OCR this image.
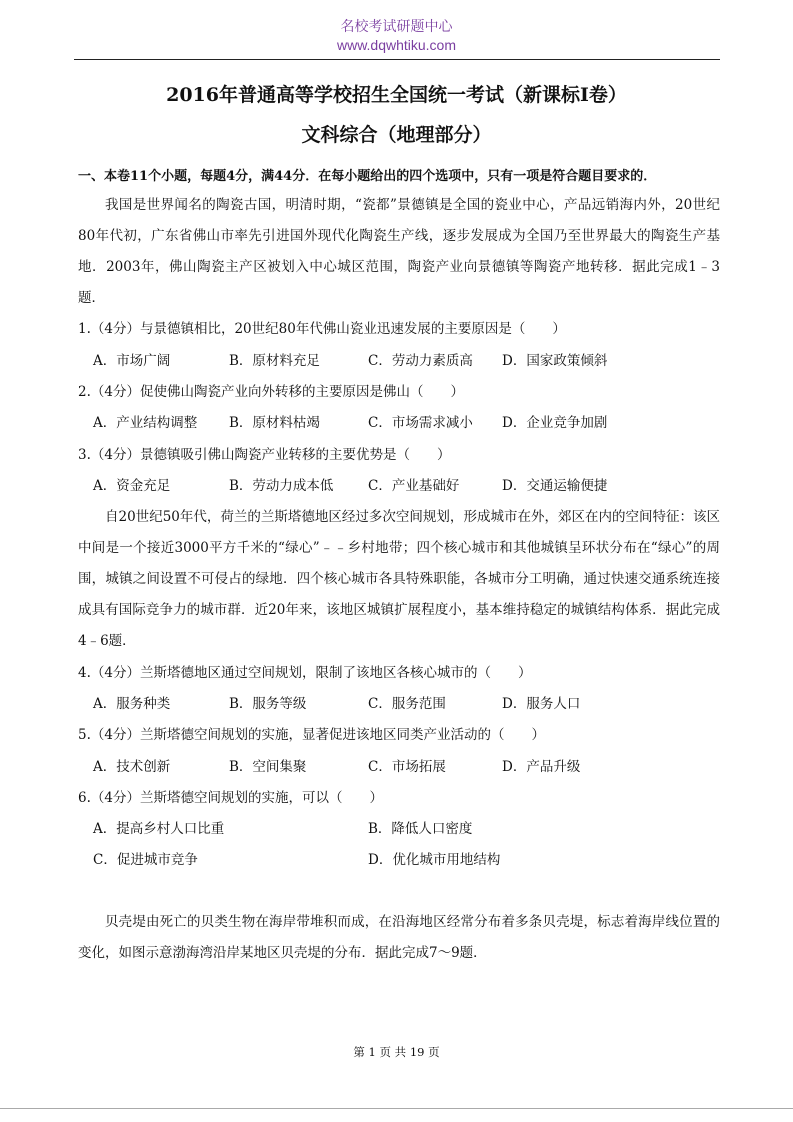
名校考试研题中心
www.dqwhtiku.com
2016年普通高等学校招生全国统一考试（新课标Ⅰ卷）
文科综合（地理部分）
一、本卷11个小题，每题4分，满44分．在每小题给出的四个选项中，只有一项是符合题目要求的．
我国是世界闻名的陶瓷古国，明清时期，“瓷都”景德镇是全国的瓷业中心，产品远销海内外，20世纪80年代初，广东省佛山市率先引进国外现代化陶瓷生产线，逐步发展成为全国乃至世界最大的陶瓷生产基地．2003年，佛山陶瓷主产区被划入中心城区范围，陶瓷产业向景德镇等陶瓷产地转移．据此完成1﹣3题．
1.（4分）与景德镇相比，20世纪80年代佛山瓷业迅速发展的主要原因是（　　）
A．市场广阔	B．原材料充足	C．劳动力素质高 D．国家政策倾斜
2.（4分）促使佛山陶瓷产业向外转移的主要原因是佛山（　　）
A．产业结构调整 B．原材料枯竭	C．市场需求减小 D．企业竞争加剧
3.（4分）景德镇吸引佛山陶瓷产业转移的主要优势是（　　）
A．资金充足	B．劳动力成本低	C．产业基础好	D．交通运输便捷
自20世纪50年代，荷兰的兰斯塔德地区经过多次空间规划，形成城市在外，郊区在内的空间特征：该区中间是一个接近3000平方千米的“绿心”﹣﹣乡村地带；四个核心城市和其他城镇呈环状分布在“绿心”的周围，城镇之间设置不可侵占的绿地．四个核心城市各具特殊职能，各城市分工明确，通过快速交通系统连接成具有国际竞争力的城市群．近20年来，该地区城镇扩展程度小，基本维持稳定的城镇结构体系．据此完成4﹣6题．
4.（4分）兰斯塔德地区通过空间规划，限制了该地区各核心城市的（　　）
A．服务种类	B．服务等级	C．服务范围	D．服务人口
5.（4分）兰斯塔德空间规划的实施，显著促进该地区同类产业活动的（　　）
A．技术创新	B．空间集聚	C．市场拓展	D．产品升级
6.（4分）兰斯塔德空间规划的实施，可以（　　）
A．提高乡村人口比重	B．降低人口密度
C．促进城市竞争	D．优化城市用地结构
贝壳堤由死亡的贝类生物在海岸带堆积而成，在沿海地区经常分布着多条贝壳堤，标志着海岸线位置的变化，如图示意渤海湾沿岸某地区贝壳堤的分布．据此完成7～9题．
第 1 页 共 19 页
